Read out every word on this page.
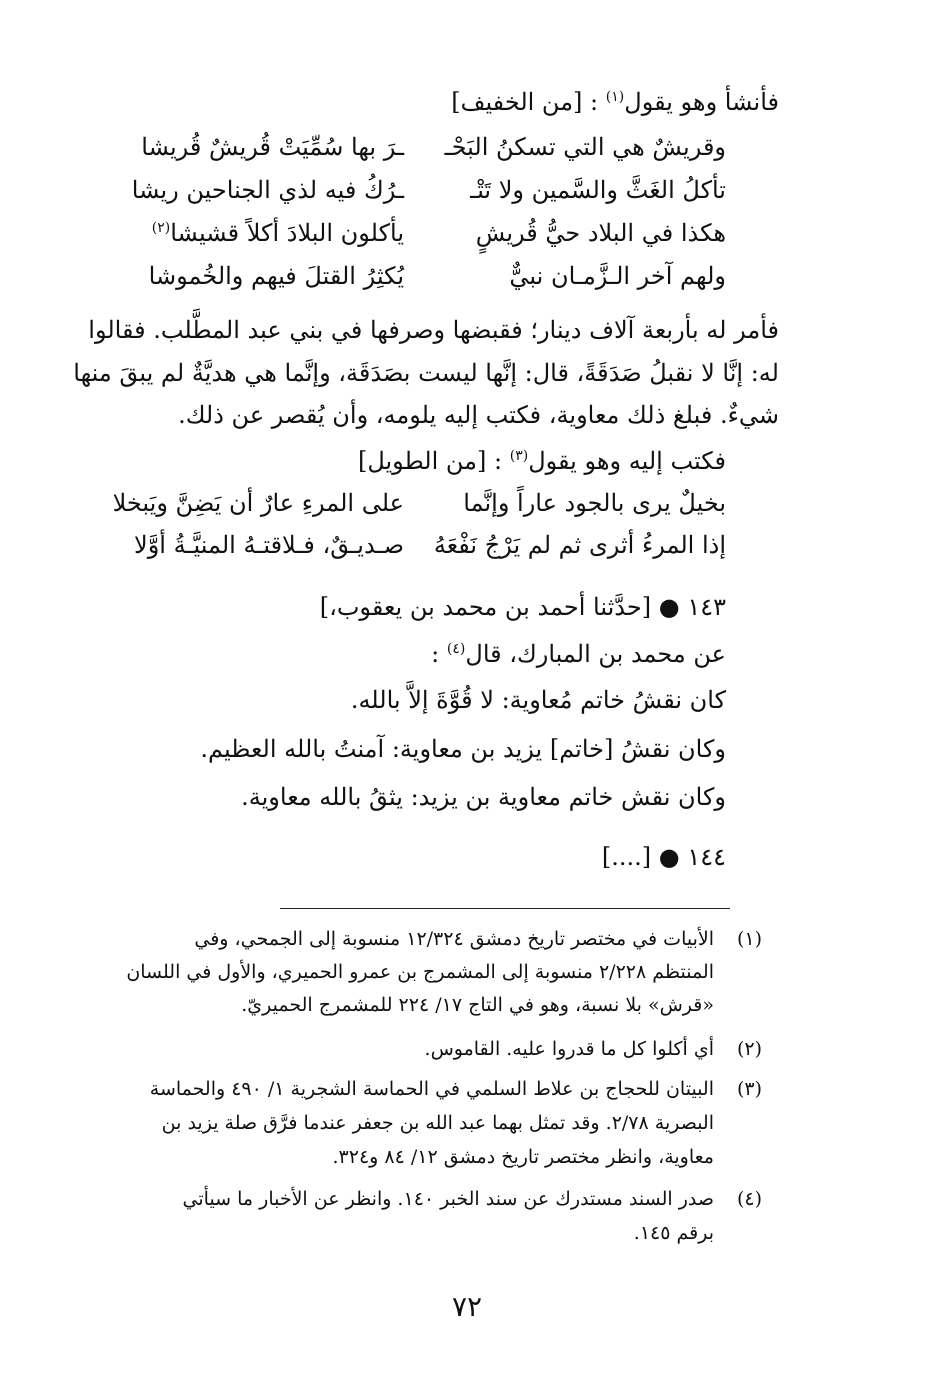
فأنشأ وهو يقول$^{(١)}$ : [من الخفيف]
وقريشٌ هي التي تسكنُ البَحْـ
ـرَ بها سُمِّيَتْ قُريشٌ قُريشا
تأكلُ الغَثَّ والسَّمين ولا تَتْـ
ـرُكُ فيه لذي الجناحين ريشا
هكذا في البلاد حيُّ قُريشٍ
يأكلون البلادَ أكلاً قشيشا$^{(٢)}$
ولهم آخر الـزَّمـان نبيٌّ
يُكثِرُ القتلَ فيهم والخُموشا
فأمر له بأربعة آلاف دينار؛ فقبضها وصرفها في بني عبد المطَّلب. فقالوا
له: إنَّا لا نقبلُ صَدَقَةً، قال: إنَّها ليست بصَدَقَة، وإنَّما هي هديَّةٌ لم يبقَ منها
شيءٌ. فبلغ ذلك معاوية، فكتب إليه يلومه، وأن يُقصر عن ذلك.
فكتب إليه وهو يقول$^{(٣)}$ : [من الطويل]
بخيلٌ يرى بالجود عاراً وإنَّما
على المرءِ عارٌ أن يَضِنَّ ويَبخلا
إذا المرءُ أثرى ثم لم يَرْجُ نَفْعَهُ
صـديـقٌ، فـلاقتـهُ المنيَّـةُ أوَّلا
١٤٣ ● [حدَّثنا أحمد بن محمد بن يعقوب،]
عن محمد بن المبارك، قال$^{(٤)}$ :
كان نقشُ خاتم مُعاوية: لا قُوَّةَ إلاَّ بالله.
وكان نقشُ [خاتم] يزيد بن معاوية: آمنتُ بالله العظيم.
وكان نقش خاتم معاوية بن يزيد: يثقُ بالله معاوية.
١٤٤ ● [....]
(١)
الأبيات في مختصر تاريخ دمشق ١٢/٣٢٤ منسوبة إلى الجمحي، وفي
المنتظم ٢/٢٢٨ منسوبة إلى المشمرج بن عمرو الحميري، والأول في اللسان
«قرش» بلا نسبة، وهو في التاج ١٧/ ٢٢٤ للمشمرج الحميريّ.
(٢)
أي أكلوا كل ما قدروا عليه. القاموس.
(٣)
البيتان للحجاج بن علاط السلمي في الحماسة الشجرية ١/ ٤٩٠ والحماسة
البصرية ٢/٧٨. وقد تمثل بهما عبد الله بن جعفر عندما فرَّق صلة يزيد بن
معاوية، وانظر مختصر تاريخ دمشق ١٢/ ٨٤ و٣٢٤.
(٤)
صدر السند مستدرك عن سند الخبر ١٤٠. وانظر عن الأخبار ما سيأتي
برقم ١٤٥.
٧٢
